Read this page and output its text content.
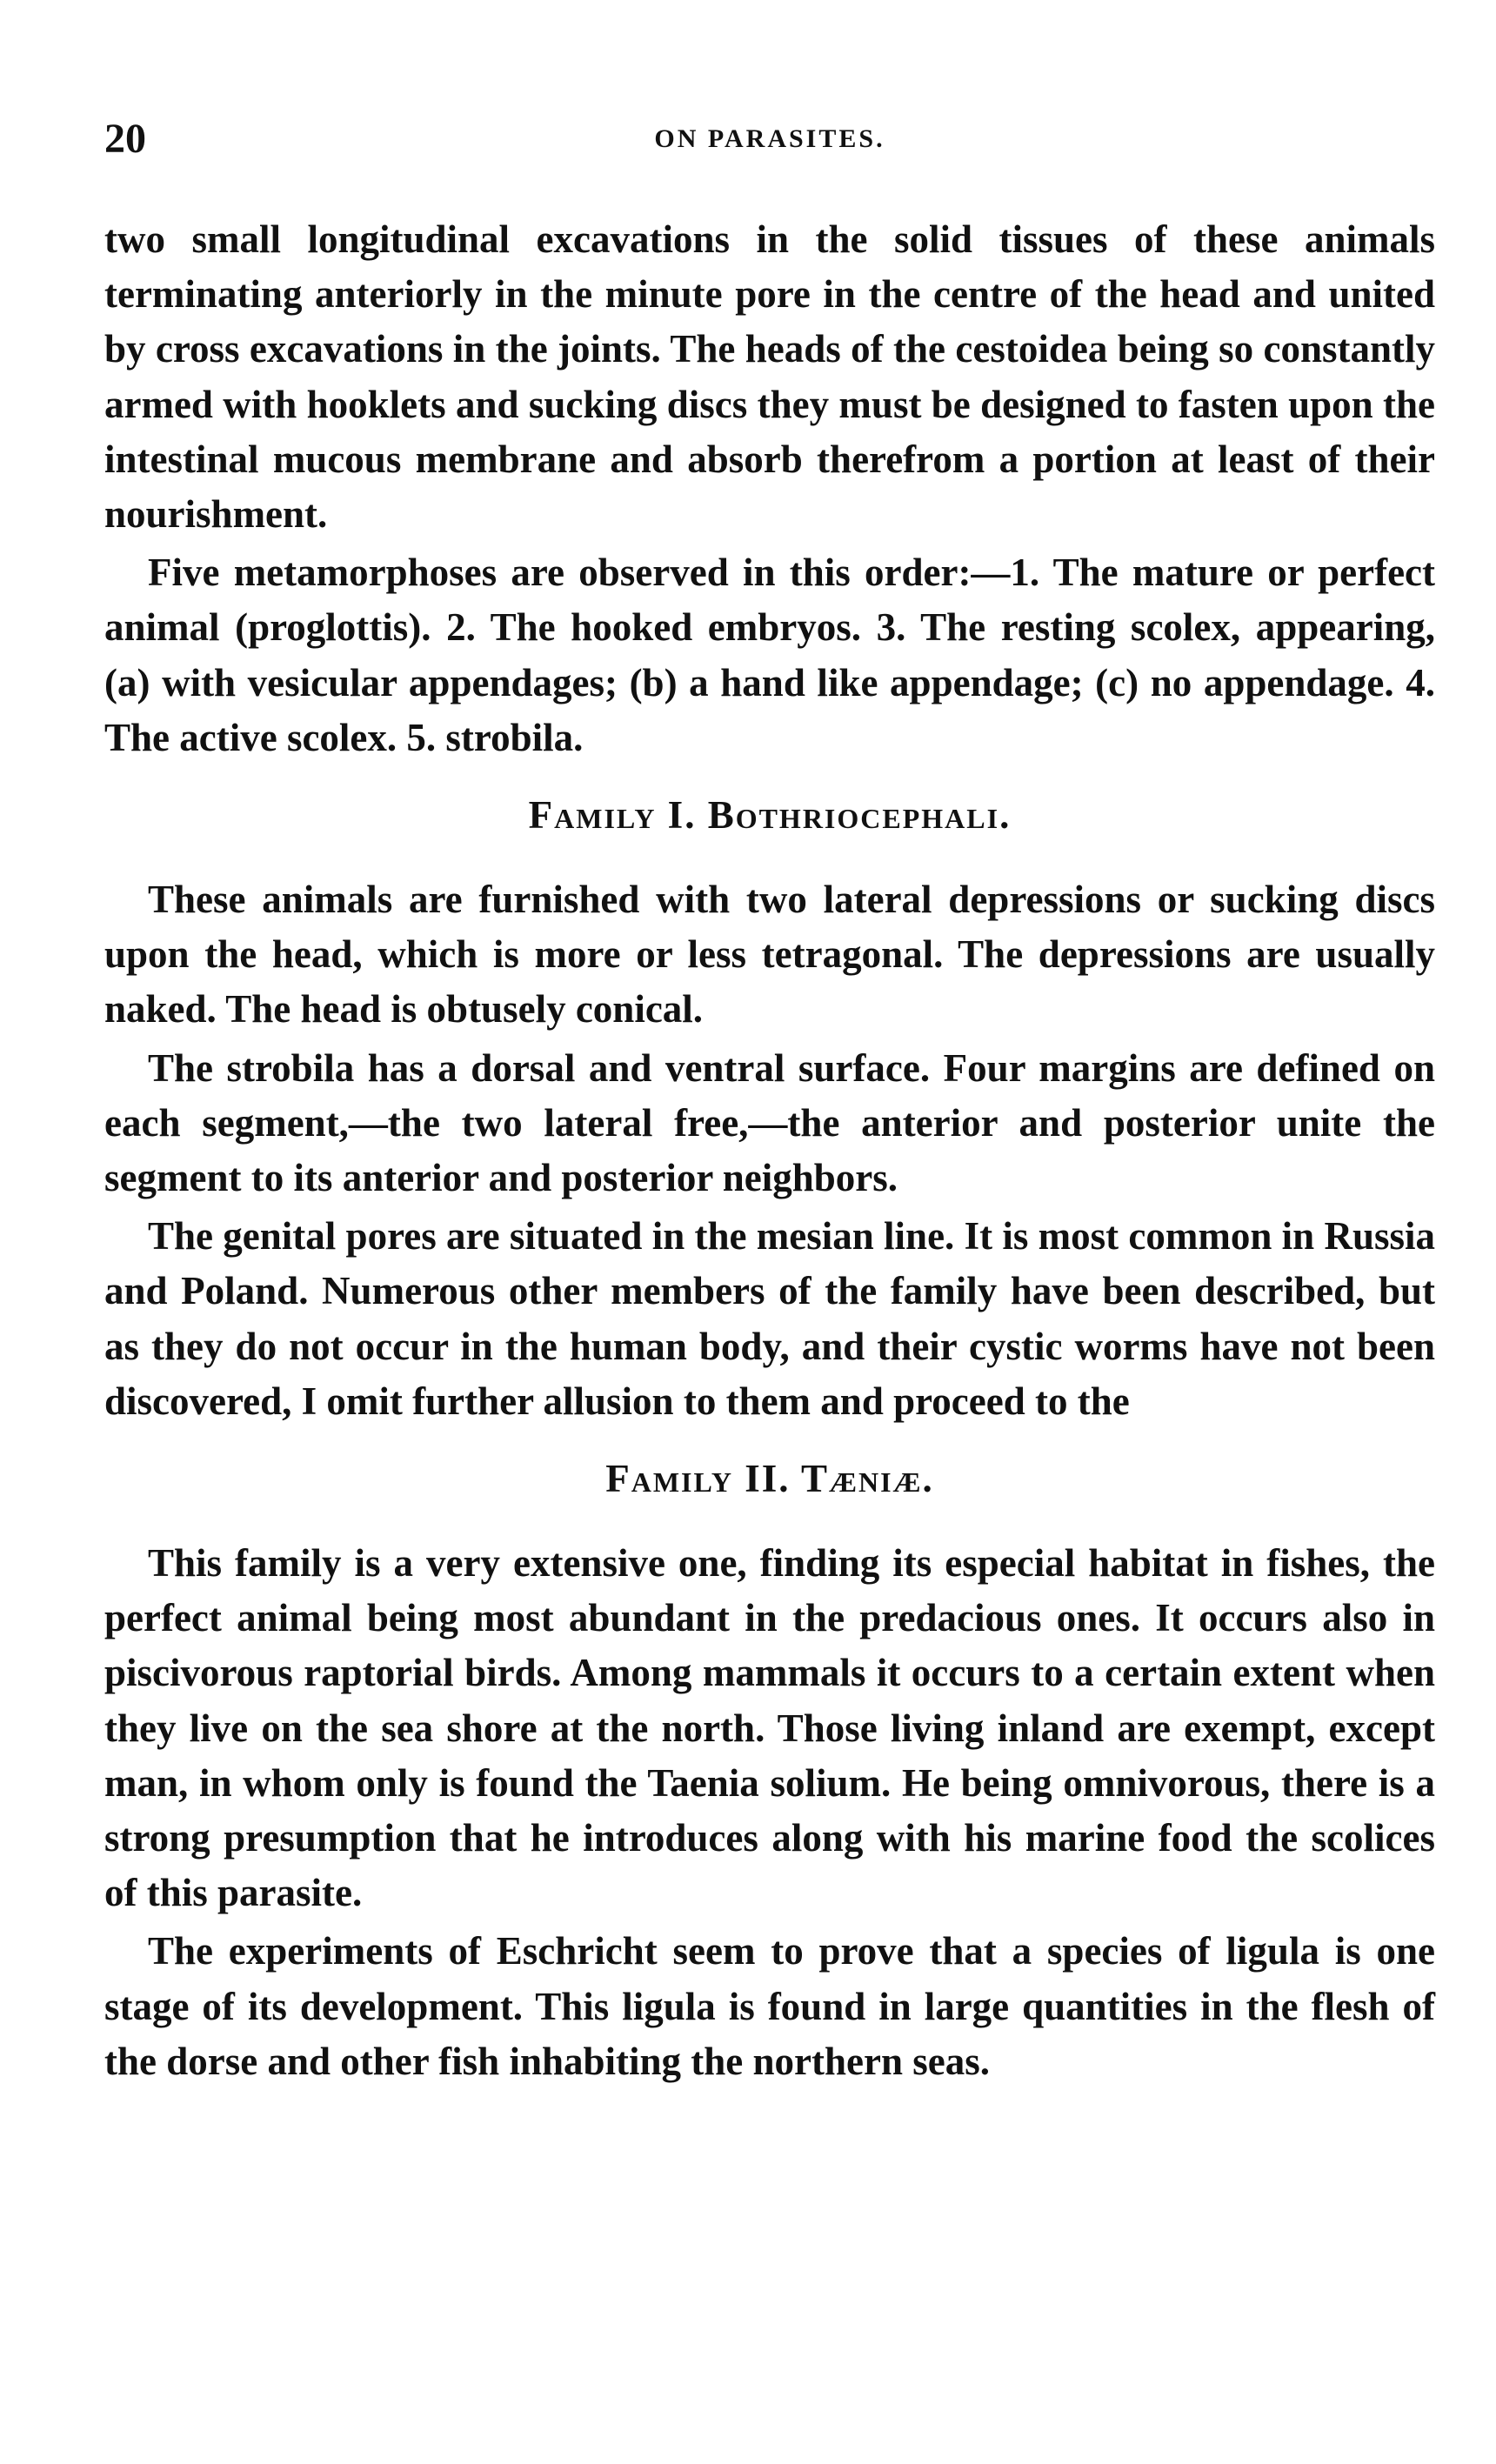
20	ON PARASITES.

two small longitudinal excavations in the solid tissues of these animals terminating anteriorly in the minute pore in the centre of the head and united by cross excavations in the joints. The heads of the cestoidea being so constantly armed with hooklets and sucking discs they must be designed to fasten upon the intestinal mucous membrane and absorb therefrom a portion at least of their nourishment.

Five metamorphoses are observed in this order:—1. The mature or perfect animal (proglottis). 2. The hooked embryos. 3. The resting scolex, appearing, (a) with vesicular appendages; (b) a hand like appendage; (c) no appendage. 4. The active scolex. 5. strobila.

Family I. Bothriocephali.

These animals are furnished with two lateral depressions or sucking discs upon the head, which is more or less tetragonal. The depressions are usually naked. The head is obtusely conical.

The strobila has a dorsal and ventral surface. Four margins are defined on each segment,—the two lateral free,—the anterior and posterior unite the segment to its anterior and posterior neighbors.

The genital pores are situated in the mesian line. It is most common in Russia and Poland. Numerous other members of the family have been described, but as they do not occur in the human body, and their cystic worms have not been discovered, I omit further allusion to them and proceed to the

Family II. Tæniæ.

This family is a very extensive one, finding its especial habitat in fishes, the perfect animal being most abundant in the predacious ones. It occurs also in piscivorous raptorial birds. Among mammals it occurs to a certain extent when they live on the sea shore at the north. Those living inland are exempt, except man, in whom only is found the Taenia solium. He being omnivorous, there is a strong presumption that he introduces along with his marine food the scolices of this parasite.

The experiments of Eschricht seem to prove that a species of ligula is one stage of its development. This ligula is found in large quantities in the flesh of the dorse and other fish inhabiting the northern seas.
